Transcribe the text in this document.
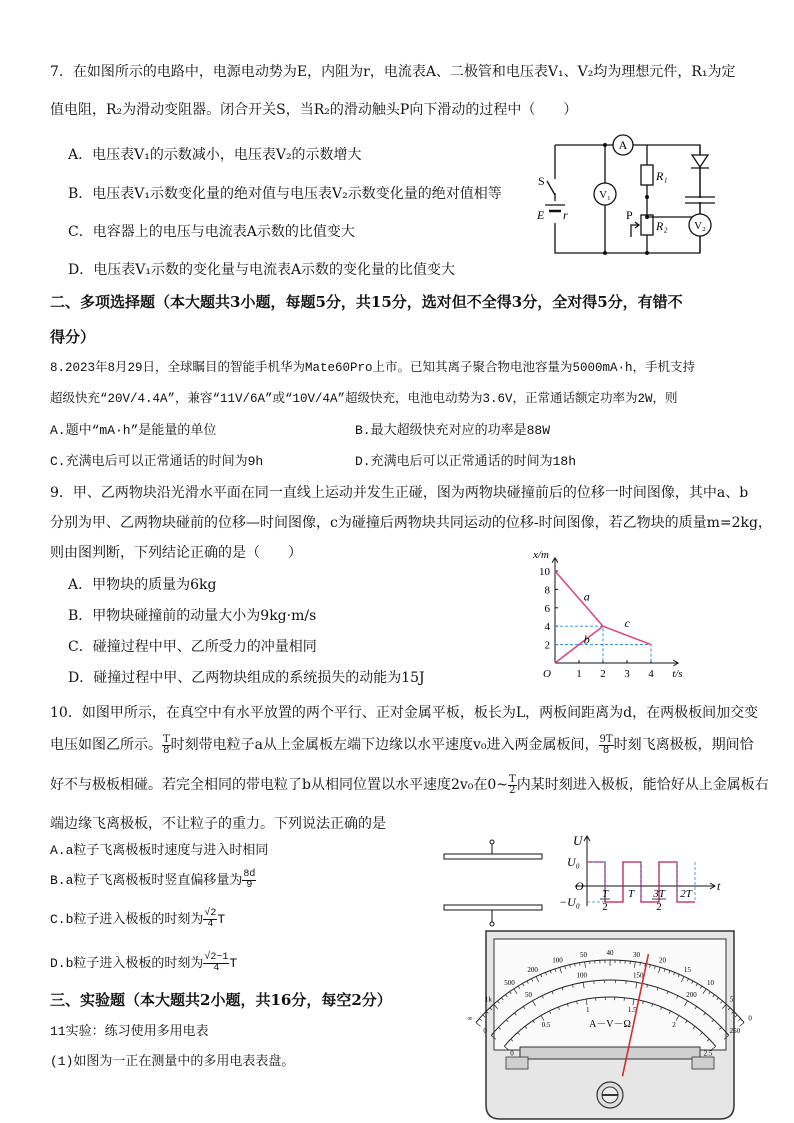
7．在如图所示的电路中，电源电动势为E，内阻为r，电流表A、二极管和电压表V₁、V₂均为理想元件，R₁为定
值电阻，R₂为滑动变阻器。闭合开关S，当R₂的滑动触头P向下滑动的过程中（　　）
A．电压表V₁的示数减小，电压表V₂的示数增大
B．电压表V₁示数变化量的绝对值与电压表V₂示数变化量的绝对值相等
C．电容器上的电压与电流表A示数的比值变大
D．电压表V₁示数的变化量与电流表A示数的变化量的比值变大
A
V₁
V₂
R₁
R₂
S
E r	P
二、多项选择题（本大题共3小题，每题5分，共15分，选对但不全得3分，全对得5分，有错不
得分）
8.2023年8月29日，全球瞩目的智能手机华为Mate60Pro上市。已知其离子聚合物电池容量为5000mA·h，手机支持
超级快充“20V/4.4A”，兼容“11V/6A”或“10V/4A”超级快充，电池电动势为3.6V，正常通话额定功率为2W，则
A.题中“mA·h”是能量的单位	B.最大超级快充对应的功率是88W
C.充满电后可以正常通话的时间为9h	D.充满电后可以正常通话的时间为18h
9．甲、乙两物块沿光滑水平面在同一直线上运动并发生正碰，图为两物块碰撞前后的位移一时间图像，其中a、b
分别为甲、乙两物块碰前的位移—时间图像，c为碰撞后两物块共同运动的位移-时间图像，若乙物块的质量m=2kg，
则由图判断，下列结论正确的是（　　）
A．甲物块的质量为6kg
B．甲物块碰撞前的动量大小为9kg·m/s
C．碰撞过程中甲、乙所受力的冲量相同
D．碰撞过程中甲、乙两物块组成的系统损失的动能为15J	1 2 3 4
2
4
6
8
10
a
b
c
O	t/s
x/m
10．如图甲所示，在真空中有水平放置的两个平行、正对金属平板，板长为L，两板间距离为d，在两极板间加交变
电压如图乙所示。 $\frac{T}{8}$ 时刻带电粒子a从上金属板左端下边缘以水平速度v₀进入两金属板间， $\frac{9T}{8}$ 时刻飞离极板，期间恰
好不与极板相碰。若完全相同的带电粒了b从相同位置以水平速度2v₀在0~ $\frac{T}{2}$ 内某时刻进入极板，能恰好从上金属板右
端边缘飞离极板，不让粒子的重力。下列说法正确的是
A.a粒子飞离极板时速度与进入时相同
B.a粒子飞离极板时竖直偏移量为 $\frac{8d}{9}$
C.b粒子进入极板的时刻为 $\frac{√2}{4}$ T
D.b粒子进入极板的时刻为 $\frac{√2-1}{4}$ T
U
U₀
O
−U₀
t
T
2
T 3T
2
2T
三、实验题（本大题共2小题，共16分，每空2分）
11实验：练习使用多用电表
(1)如图为一正在测量中的多用电表表盘。
∞
1k
500
200
100
50	40	30
20
15
10
5
0
0
50
100	150
200
250
0
0.5
1	1.5
2
2.5
A－V－Ω
